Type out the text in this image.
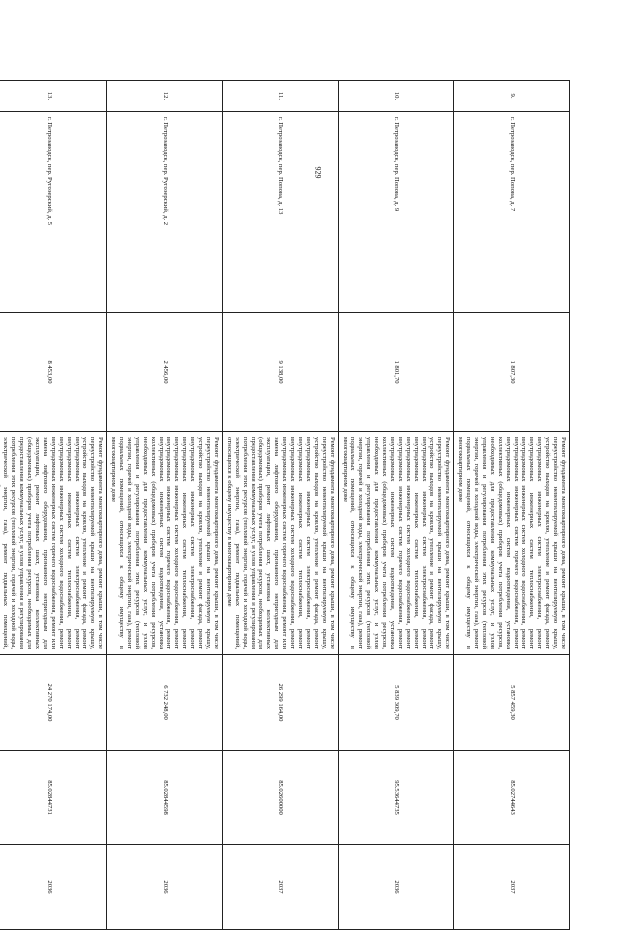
929
9.	г. Петрозаводск, пер. Попова, д. 7	1 807,30	Ремонт фундамента многоквартирного дома, ремонт крыши, в том числе переустройство невентилируемой крыши на вентилируемую крышу, устройство выходов на кровлю, утепление и ремонт фасада, ремонт внутридомовых инженерных систем электроснабжения, ремонт внутридомовых инженерных систем теплоснабжения, ремонт внутридомовых инженерных систем холодного водоснабжения, ремонт внутридомовых инженерных систем горячего водоснабжения, ремонт внутридомовых инженерных систем водоотведения, установка коллективных (общедомовых) приборов учета потребления ресурсов, необходимых для предоставления коммунальных услуг, и узлов управления и регулирования потребления этих ресурсов (тепловой энергии, горячей и холодной воды, электрической энергии, газа), ремонт подвальных помещений, относящихся к общему имуществу в многоквартирном доме	5 857 459,30	85.02744643	2037
10.	г. Петрозаводск, пер. Попова, д. 9	1 801,70	Ремонт фундамента многоквартирного дома, ремонт крыши, в том числе переустройство невентилируемой крыши на вентилируемую крышу, устройство выходов на кровлю, утепление и ремонт фасада, ремонт внутридомовых инженерных систем электроснабжения, ремонт внутридомовых инженерных систем теплоснабжения, ремонт внутридомовых инженерных систем холодного водоснабжения, ремонт внутридомовых инженерных систем горячего водоснабжения, ремонт внутридомовых инженерных систем водоотведения, установка коллективных (общедомовых) приборов учета потребления ресурсов, необходимых для предоставления коммунальных услуг, и узлов управления и регулирования потребления этих ресурсов (тепловой энергии, горячей и холодной воды, электрической энергии, газа), ремонт подвальных помещений, относящихся к общему имуществу в многоквартирном доме	5 839 309,70	95.53644735	2036
11.	г. Петрозаводск, пер. Попова, д. 13	9 138,00	Ремонт фундамента многоквартирного дома, ремонт крыши, в том числе переустройство невентилируемой крыши на вентилируемую крышу, устройство выходов на кровлю, утепление и ремонт фасада, ремонт внутридомовых инженерных систем электроснабжения, ремонт внутридомовых инженерных систем теплоснабжения, ремонт внутридомовых инженерных систем холодного водоснабжения, ремонт внутридомовых инженерных систем горячего водоснабжения, ремонт или замена лифтового оборудования, признанного непригодным для эксплуатации, ремонт лифтовых шахт, установка коллективных (общедомовых) приборов учета потребления ресурсов, необходимых для предоставления коммунальных услуг, и узлов управления и регулирования потребления этих ресурсов (тепловой энергии, горячей и холодной воды, электрической энергии, газа), ремонт подвальных помещений, относящихся к общему имуществу в многоквартирном доме	26 299 164,00	85.02600000	2037
12.	г. Петрозаводск, пер. Ругозерский, д. 2	2 456,00	Ремонт фундамента многоквартирного дома, ремонт крыши, в том числе переустройство невентилируемой крыши на вентилируемую крышу, устройство выходов на кровлю, утепление и ремонт фасада, ремонт внутридомовых инженерных систем электроснабжения, ремонт внутридомовых инженерных систем теплоснабжения, ремонт внутридомовых инженерных систем холодного водоснабжения, ремонт внутридомовых инженерных систем горячего водоснабжения, ремонт внутридомовых инженерных систем водоотведения, установка коллективных (общедомовых) приборов учета потребления ресурсов, необходимых для предоставления коммунальных услуг, и узлов управления и регулирования потребления этих ресурсов (тепловой энергии, горячей и холодной воды, электрической энергии, газа), ремонт подвальных помещений, относящихся к общему имуществу в многоквартирном доме	6 732 248,00	85.02844598	2036
13.	г. Петрозаводск, пер. Ругозерский, д. 5	8 453,00	Ремонт фундамента многоквартирного дома, ремонт крыши, в том числе переустройство невентилируемой крыши на вентилируемую крышу, устройство выходов на кровлю, утепление и ремонт фасада, ремонт внутридомовых инженерных систем электроснабжения, ремонт внутридомовых инженерных систем теплоснабжения, ремонт внутридомовых инженерных систем холодного водоснабжения, ремонт внутридомовых инженерных систем горячего водоснабжения, ремонт или замена лифтового оборудования, признанного непригодным для эксплуатации, ремонт лифтовых шахт, установка коллективных (общедомовых) приборов учета потребления ресурсов, необходимых для предоставления коммунальных услуг, и узлов управления и регулирования потребления этих ресурсов (тепловой энергии, горячей и холодной воды, электрической энергии, газа), ремонт подвальных помещений,	24 270 174,00	85.02844731	2036
